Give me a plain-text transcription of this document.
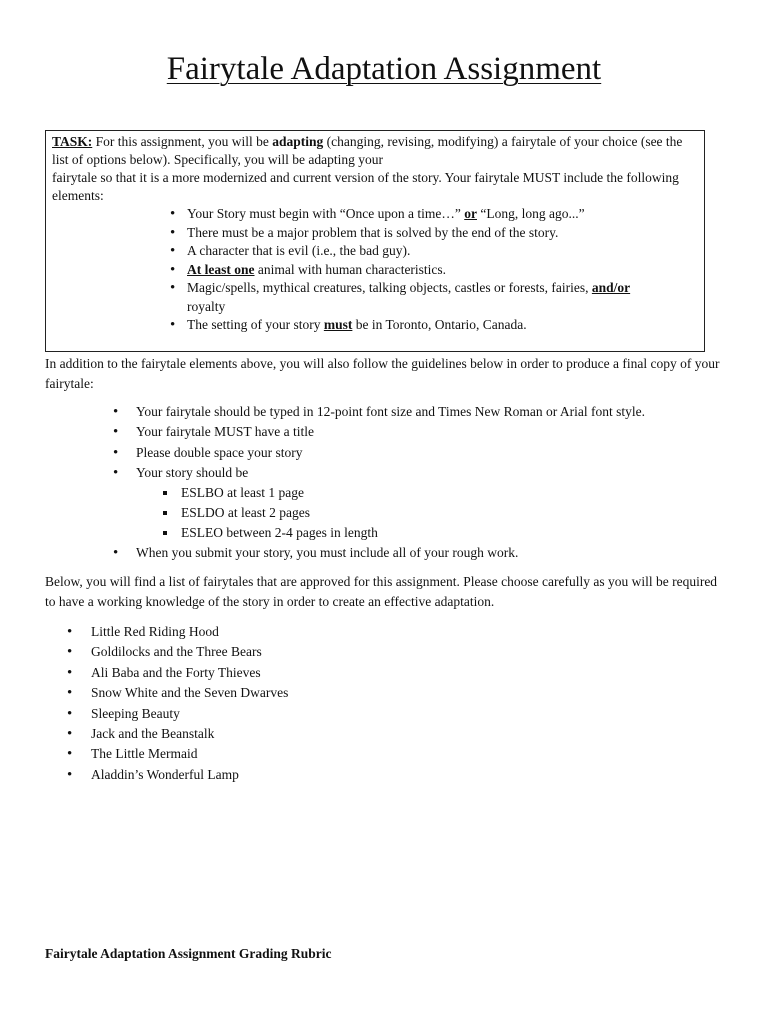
Fairytale Adaptation Assignment

TASK: For this assignment, you will be adapting (changing, revising, modifying) a fairytale of your choice (see the list of options below). Specifically, you will be adapting your

fairytale so that it is a more modernized and current version of the story. Your fairytale MUST include the following elements:

• Your Story must begin with “Once upon a time…” or “Long, long ago...”
• There must be a major problem that is solved by the end of the story.
• A character that is evil (i.e., the bad guy).
• At least one animal with human characteristics.
• Magic/spells, mythical creatures, talking objects, castles or forests, fairies, and/or
royalty
• The setting of your story must be in Toronto, Ontario, Canada.

In addition to the fairytale elements above, you will also follow the guidelines below in order to produce a final copy of your fairytale:

• Your fairytale should be typed in 12-point font size and Times New Roman or Arial font style.
• Your fairytale MUST have a title
• Please double space your story
• Your story should be
ESLBO at least 1 page
ESLDO at least 2 pages
ESLEO between 2-4 pages in length
• When you submit your story, you must include all of your rough work.

Below, you will find a list of fairytales that are approved for this assignment. Please choose carefully as you will be required to have a working knowledge of the story in order to create an effective adaptation.

• Little Red Riding Hood
• Goldilocks and the Three Bears
• Ali Baba and the Forty Thieves
• Snow White and the Seven Dwarves
• Sleeping Beauty
• Jack and the Beanstalk
• The Little Mermaid
• Aladdin’s Wonderful Lamp

Fairytale Adaptation Assignment Grading Rubric
